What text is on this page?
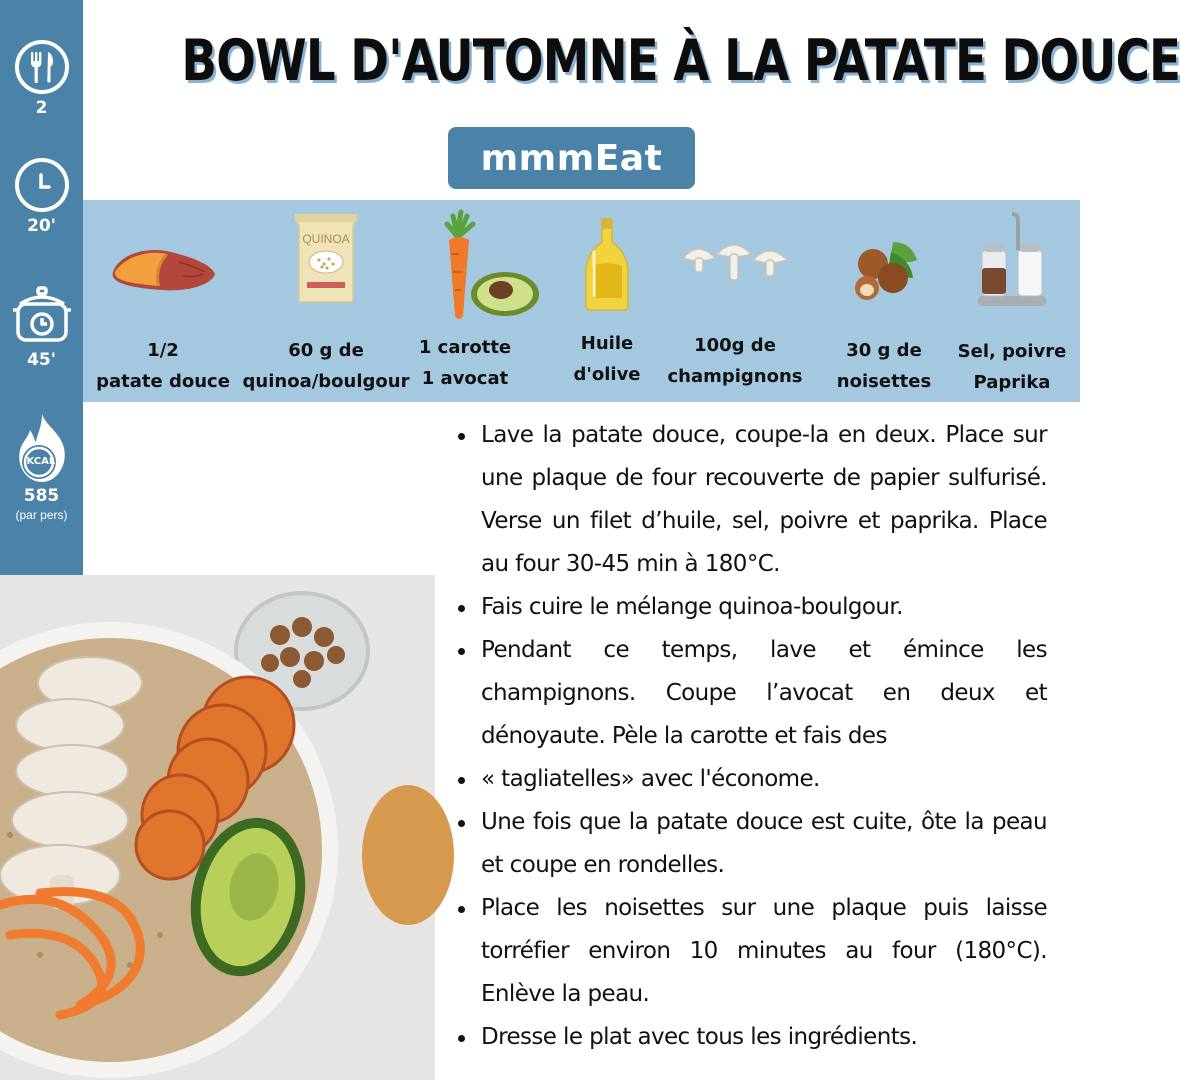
2
20'
45'
KCAL
585
(par pers)
BOWL D'AUTOMNE À LA PATATE DOUCE
mmmEat
1/2
patate douce
QUINOA
60 g de
quinoa/boulgour
1 carotte
1 avocat
Huile
d'olive
100g de
champignons
30 g de
noisettes
Sel, poivre
Paprika
Lave la patate douce, coupe-la en deux. Place sur une plaque de four recouverte de papier sulfurisé. Verse un filet d’huile, sel, poivre et paprika. Place au four 30-45 min à 180°C.
Fais cuire le mélange quinoa-boulgour.
Pendant ce temps, lave et émince les champignons. Coupe l’avocat en deux et dénoyaute. Pèle la carotte et fais des
« tagliatelles» avec l'économe.
Une fois que la patate douce est cuite, ôte la peau et coupe en rondelles.
Place les noisettes sur une plaque puis laisse torréfier environ 10 minutes au four (180°C). Enlève la peau.
Dresse le plat avec tous les ingrédients.
